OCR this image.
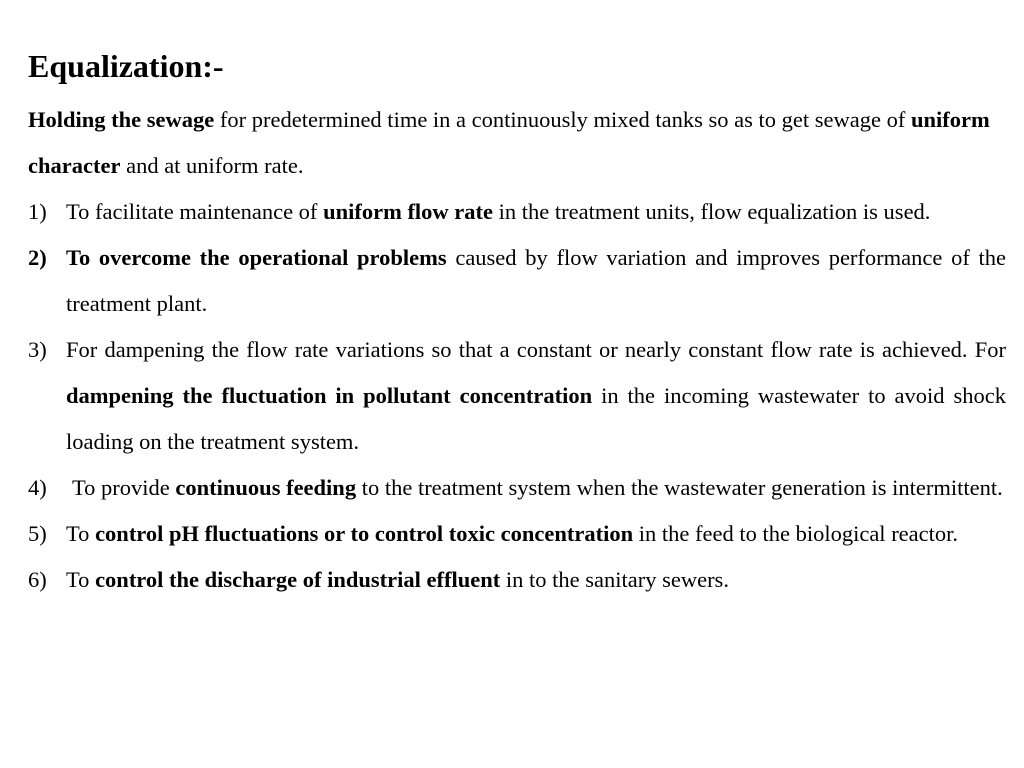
Equalization:-

Holding the sewage for predetermined time in a continuously mixed tanks so as to get sewage of uniform character and at uniform rate.

1) To facilitate maintenance of uniform flow rate in the treatment units, flow equalization is used.
2) To overcome the operational problems caused by flow variation and improves performance of the treatment plant.
3) For dampening the flow rate variations so that a constant or nearly constant flow rate is achieved. For dampening the fluctuation in pollutant concentration in the incoming wastewater to avoid shock loading on the treatment system.
4) To provide continuous feeding to the treatment system when the wastewater generation is intermittent.
5) To control pH fluctuations or to control toxic concentration in the feed to the biological reactor.
6) To control the discharge of industrial effluent in to the sanitary sewers.
